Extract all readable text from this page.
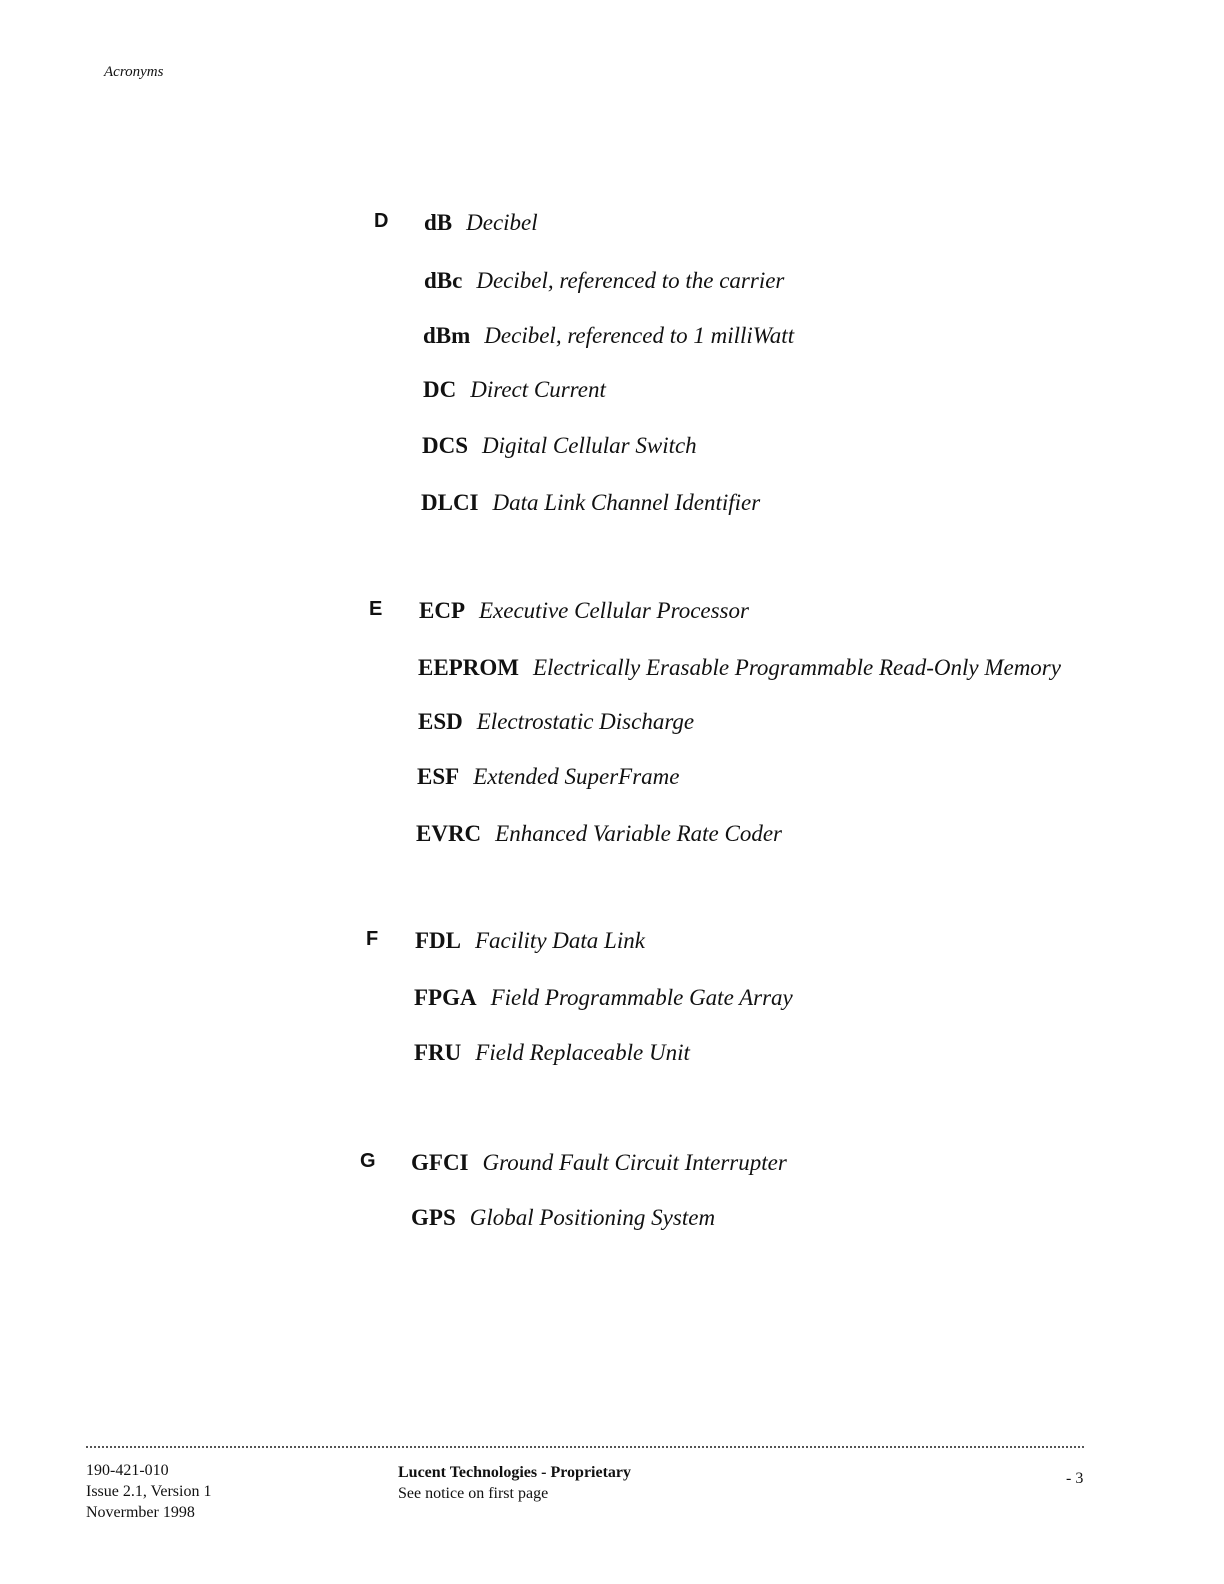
Acronyms
D dB Decibel
dBc Decibel, referenced to the carrier
dBm Decibel, referenced to 1 milliWatt
DC Direct Current
DCS Digital Cellular Switch
DLCI Data Link Channel Identifier
E ECP Executive Cellular Processor
EEPROM Electrically Erasable Programmable Read-Only Memory
ESD Electrostatic Discharge
ESF Extended SuperFrame
EVRC Enhanced Variable Rate Coder
F FDL Facility Data Link
FPGA Field Programmable Gate Array
FRU Field Replaceable Unit
G GFCI Ground Fault Circuit Interrupter
GPS Global Positioning System
190-421-010
Issue 2.1, Version 1
Novermber 1998
Lucent Technologies - Proprietary
See notice on first page
- 3
